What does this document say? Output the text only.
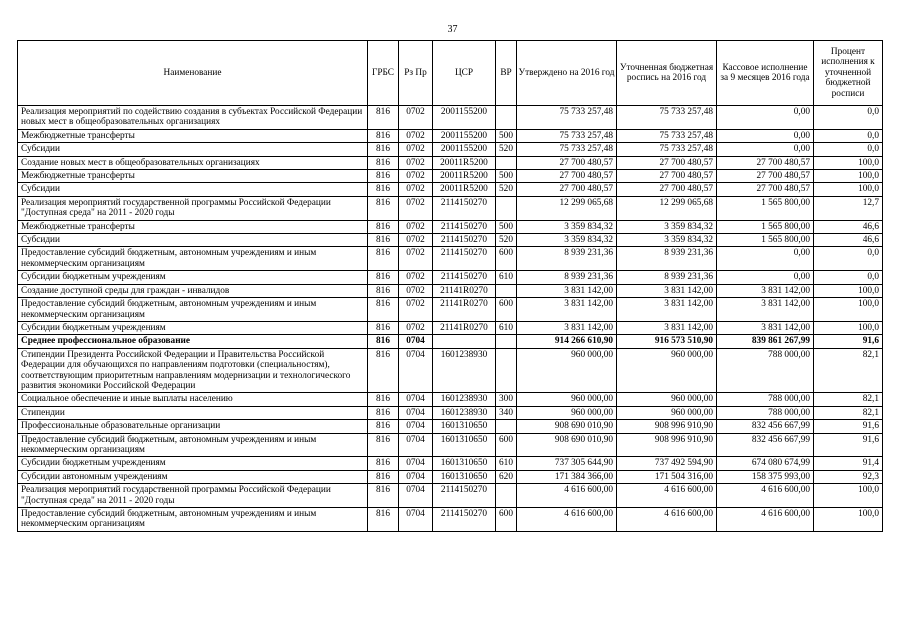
37
Наименование	ГРБС	Рз Пр	ЦСР	ВР	Утверждено на 2016 год	Уточненная бюджетная роспись на 2016 год	Кассовое исполнение за 9 месяцев 2016 года	Процент исполнения к уточненной бюджетной росписи
Реализация мероприятий по содействию создания в субъектах Российской Федерации новых мест в общеобразовательных организациях	816	0702	2001155200		75 733 257,48	75 733 257,48	0,00	0,0
Межбюджетные трансферты	816	0702	2001155200	500	75 733 257,48	75 733 257,48	0,00	0,0
Субсидии	816	0702	2001155200	520	75 733 257,48	75 733 257,48	0,00	0,0
Создание новых мест в общеобразовательных организациях	816	0702	20011R5200		27 700 480,57	27 700 480,57	27 700 480,57	100,0
Межбюджетные трансферты	816	0702	20011R5200	500	27 700 480,57	27 700 480,57	27 700 480,57	100,0
Субсидии	816	0702	20011R5200	520	27 700 480,57	27 700 480,57	27 700 480,57	100,0
Реализация мероприятий государственной программы Российской Федерации "Доступная среда" на 2011 - 2020 годы	816	0702	2114150270		12 299 065,68	12 299 065,68	1 565 800,00	12,7
Межбюджетные трансферты	816	0702	2114150270	500	3 359 834,32	3 359 834,32	1 565 800,00	46,6
Субсидии	816	0702	2114150270	520	3 359 834,32	3 359 834,32	1 565 800,00	46,6
Предоставление субсидий бюджетным, автономным учреждениям и иным некоммерческим организациям	816	0702	2114150270	600	8 939 231,36	8 939 231,36	0,00	0,0
Субсидии бюджетным учреждениям	816	0702	2114150270	610	8 939 231,36	8 939 231,36	0,00	0,0
Создание доступной среды для граждан - инвалидов	816	0702	21141R0270		3 831 142,00	3 831 142,00	3 831 142,00	100,0
Предоставление субсидий бюджетным, автономным учреждениям и иным некоммерческим организациям	816	0702	21141R0270	600	3 831 142,00	3 831 142,00	3 831 142,00	100,0
Субсидии бюджетным учреждениям	816	0702	21141R0270	610	3 831 142,00	3 831 142,00	3 831 142,00	100,0
Среднее профессиональное образование	816	0704			914 266 610,90	916 573 510,90	839 861 267,99	91,6
Стипендии Президента Российской Федерации и Правительства Российской Федерации для обучающихся по направлениям подготовки (специальностям), соответствующим приоритетным направлениям модернизации и технологического развития экономики Российской Федерации	816	0704	1601238930		960 000,00	960 000,00	788 000,00	82,1
Социальное обеспечение и иные выплаты населению	816	0704	1601238930	300	960 000,00	960 000,00	788 000,00	82,1
Стипендии	816	0704	1601238930	340	960 000,00	960 000,00	788 000,00	82,1
Профессиональные образовательные организации	816	0704	1601310650		908 690 010,90	908 996 910,90	832 456 667,99	91,6
Предоставление субсидий бюджетным, автономным учреждениям и иным некоммерческим организациям	816	0704	1601310650	600	908 690 010,90	908 996 910,90	832 456 667,99	91,6
Субсидии бюджетным учреждениям	816	0704	1601310650	610	737 305 644,90	737 492 594,90	674 080 674,99	91,4
Субсидии автономным учреждениям	816	0704	1601310650	620	171 384 366,00	171 504 316,00	158 375 993,00	92,3
Реализация мероприятий государственной программы Российской Федерации "Доступная среда" на 2011 - 2020 годы	816	0704	2114150270		4 616 600,00	4 616 600,00	4 616 600,00	100,0
Предоставление субсидий бюджетным, автономным учреждениям и иным некоммерческим организациям	816	0704	2114150270	600	4 616 600,00	4 616 600,00	4 616 600,00	100,0
